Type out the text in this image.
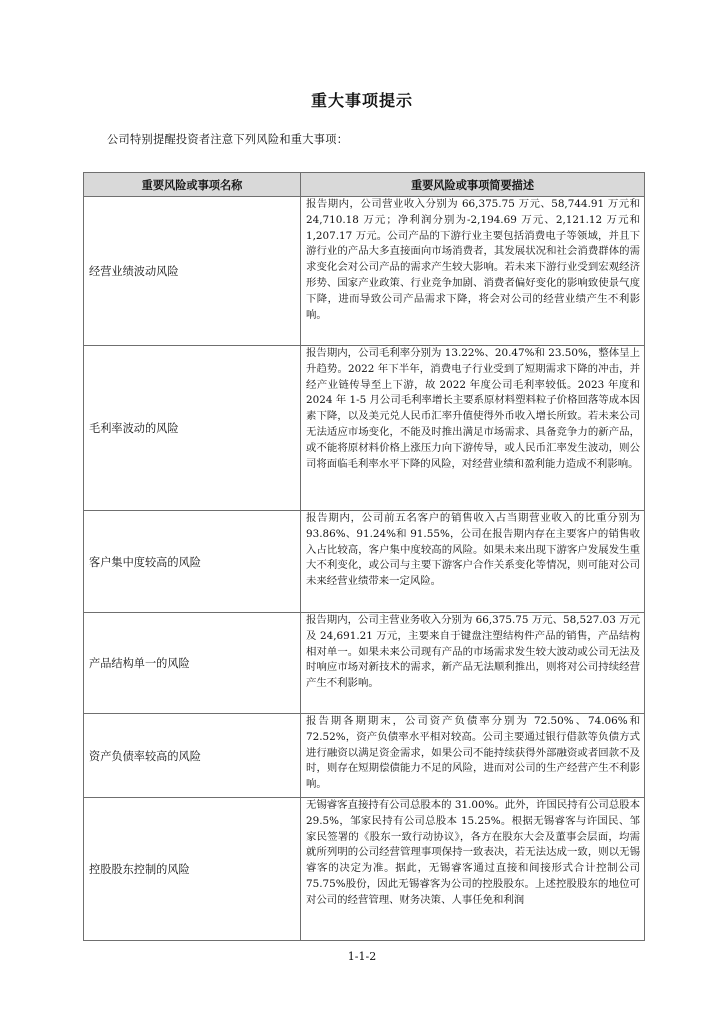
重大事项提示
公司特别提醒投资者注意下列风险和重大事项：
重要风险或事项名称	重要风险或事项简要描述
经营业绩波动风险	报告期内，公司营业收入分别为 66,375.75 万元、58,744.91 万元和 24,710.18 万元；净利润分别为-2,194.69 万元、2,121.12 万元和 1,207.17 万元。公司产品的下游行业主要包括消费电子等领域，并且下游行业的产品大多直接面向市场消费者，其发展状况和社会消费群体的需求变化会对公司产品的需求产生较大影响。若未来下游行业受到宏观经济形势、国家产业政策、行业竞争加剧、消费者偏好变化的影响致使景气度下降，进而导致公司产品需求下降，将会对公司的经营业绩产生不利影响。
毛利率波动的风险	报告期内，公司毛利率分别为 13.22%、20.47%和 23.50%，整体呈上升趋势。2022 年下半年，消费电子行业受到了短期需求下降的冲击，并经产业链传导至上下游，故 2022 年度公司毛利率较低。2023 年度和 2024 年 1-5 月公司毛利率增长主要系原材料塑料粒子价格回落等成本因素下降，以及美元兑人民币汇率升值使得外币收入增长所致。若未来公司无法适应市场变化，不能及时推出满足市场需求、具备竞争力的新产品，或不能将原材料价格上涨压力向下游传导，或人民币汇率发生波动，则公司将面临毛利率水平下降的风险，对经营业绩和盈利能力造成不利影响。
客户集中度较高的风险	报告期内，公司前五名客户的销售收入占当期营业收入的比重分别为 93.86%、91.24%和 91.55%，公司在报告期内存在主要客户的销售收入占比较高，客户集中度较高的风险。如果未来出现下游客户发展发生重大不利变化，或公司与主要下游客户合作关系变化等情况，则可能对公司未来经营业绩带来一定风险。
产品结构单一的风险	报告期内，公司主营业务收入分别为 66,375.75 万元、58,527.03 万元及 24,691.21 万元，主要来自于键盘注塑结构件产品的销售，产品结构相对单一。如果未来公司现有产品的市场需求发生较大波动或公司无法及时响应市场对新技术的需求，新产品无法顺利推出，则将对公司持续经营产生不利影响。
资产负债率较高的风险	报告期各期期末，公司资产负债率分别为 72.50%、74.06%和 72.52%，资产负债率水平相对较高。公司主要通过银行借款等负债方式进行融资以满足资金需求，如果公司不能持续获得外部融资或者回款不及时，则存在短期偿债能力不足的风险，进而对公司的生产经营产生不利影响。
控股股东控制的风险	无锡睿客直接持有公司总股本的 31.00%。此外，许国民持有公司总股本 29.5%，邹家民持有公司总股本 15.25%。根据无锡睿客与许国民、邹家民签署的《股东一致行动协议》，各方在股东大会及董事会层面，均需就所列明的公司经营管理事项保持一致表决，若无法达成一致，则以无锡睿客的决定为准。据此，无锡睿客通过直接和间接形式合计控制公司 75.75%股份，因此无锡睿客为公司的控股股东。上述控股股东的地位可对公司的经营管理、财务决策、人事任免和利润
1-1-2
